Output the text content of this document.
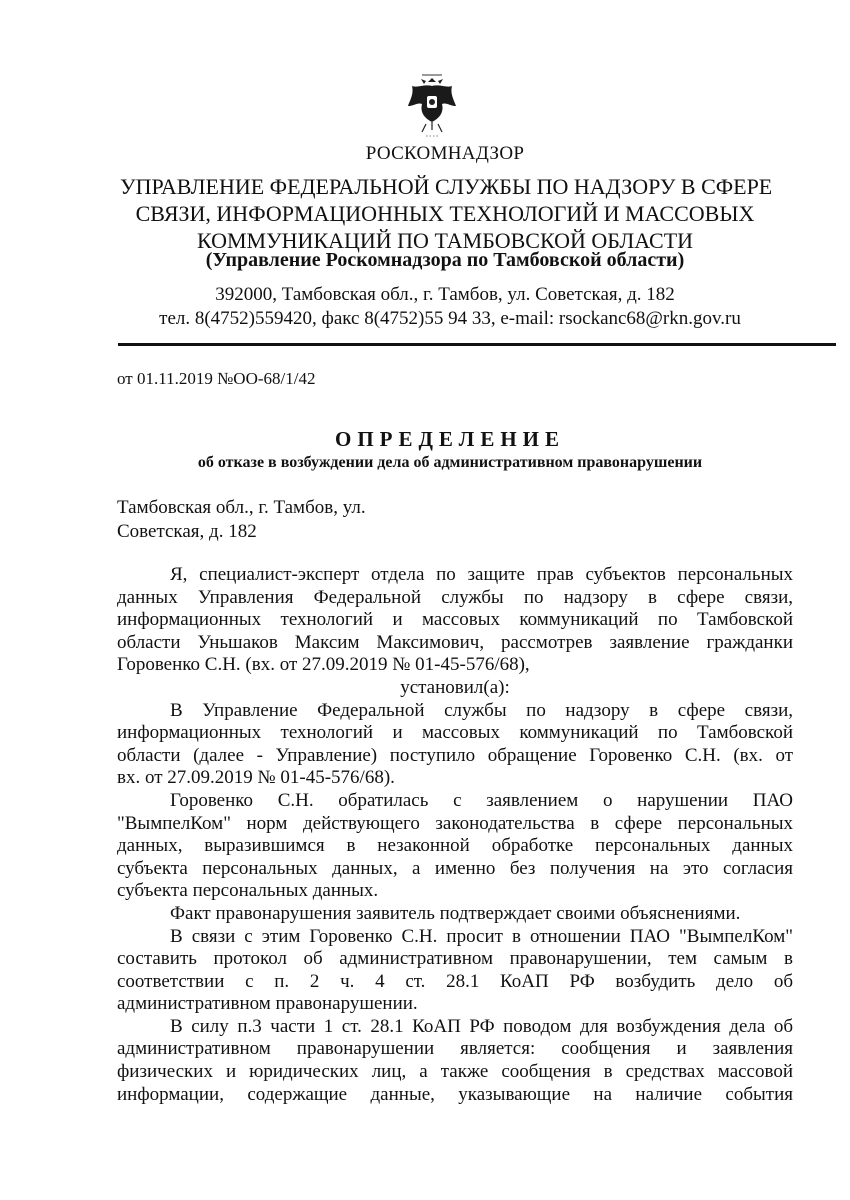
РОСКОМНАДЗОР
УПРАВЛЕНИЕ ФЕДЕРАЛЬНОЙ СЛУЖБЫ ПО НАДЗОРУ В СФЕРЕ
СВЯЗИ, ИНФОРМАЦИОННЫХ ТЕХНОЛОГИЙ И МАССОВЫХ
КОММУНИКАЦИЙ ПО ТАМБОВСКОЙ ОБЛАСТИ
(Управление Роскомнадзора по Тамбовской области)
392000, Тамбовская обл., г. Тамбов, ул. Советская, д. 182
тел. 8(4752)559420, факс 8(4752)55 94 33, e-mail: rsockanc68@rkn.gov.ru
от 01.11.2019 №ОО-68/1/42
ОПРЕДЕЛЕНИЕ
об отказе в возбуждении дела об административном правонарушении
Тамбовская обл., г. Тамбов, ул.
Советская, д. 182
Я, специалист-эксперт отдела по защите прав субъектов персональных
данных Управления Федеральной службы по надзору в сфере связи,
информационных технологий и массовых коммуникаций по Тамбовской
области Уньшаков Максим Максимович, рассмотрев заявление гражданки
Горовенко С.Н. (вх. от 27.09.2019 № 01-45-576/68),
установил(а):
В Управление Федеральной службы по надзору в сфере связи,
информационных технологий и массовых коммуникаций по Тамбовской
области (далее - Управление) поступило обращение Горовенко С.Н. (вх. от
вх. от 27.09.2019 № 01-45-576/68).
Горовенко С.Н. обратилась с заявлением о нарушении ПАО
"ВымпелКом" норм действующего законодательства в сфере персональных
данных, выразившимся в незаконной обработке персональных данных
субъекта персональных данных, а именно без получения на это согласия
субъекта персональных данных.
Факт правонарушения заявитель подтверждает своими объяснениями.
В связи с этим Горовенко С.Н. просит в отношении ПАО "ВымпелКом"
составить протокол об административном правонарушении, тем самым в
соответствии с п. 2 ч. 4 ст. 28.1 КоАП РФ возбудить дело об
административном правонарушении.
В силу п.3 части 1 ст. 28.1 КоАП РФ поводом для возбуждения дела об
административном правонарушении является: сообщения и заявления
физических и юридических лиц, а также сообщения в средствах массовой
информации, содержащие данные, указывающие на наличие события
